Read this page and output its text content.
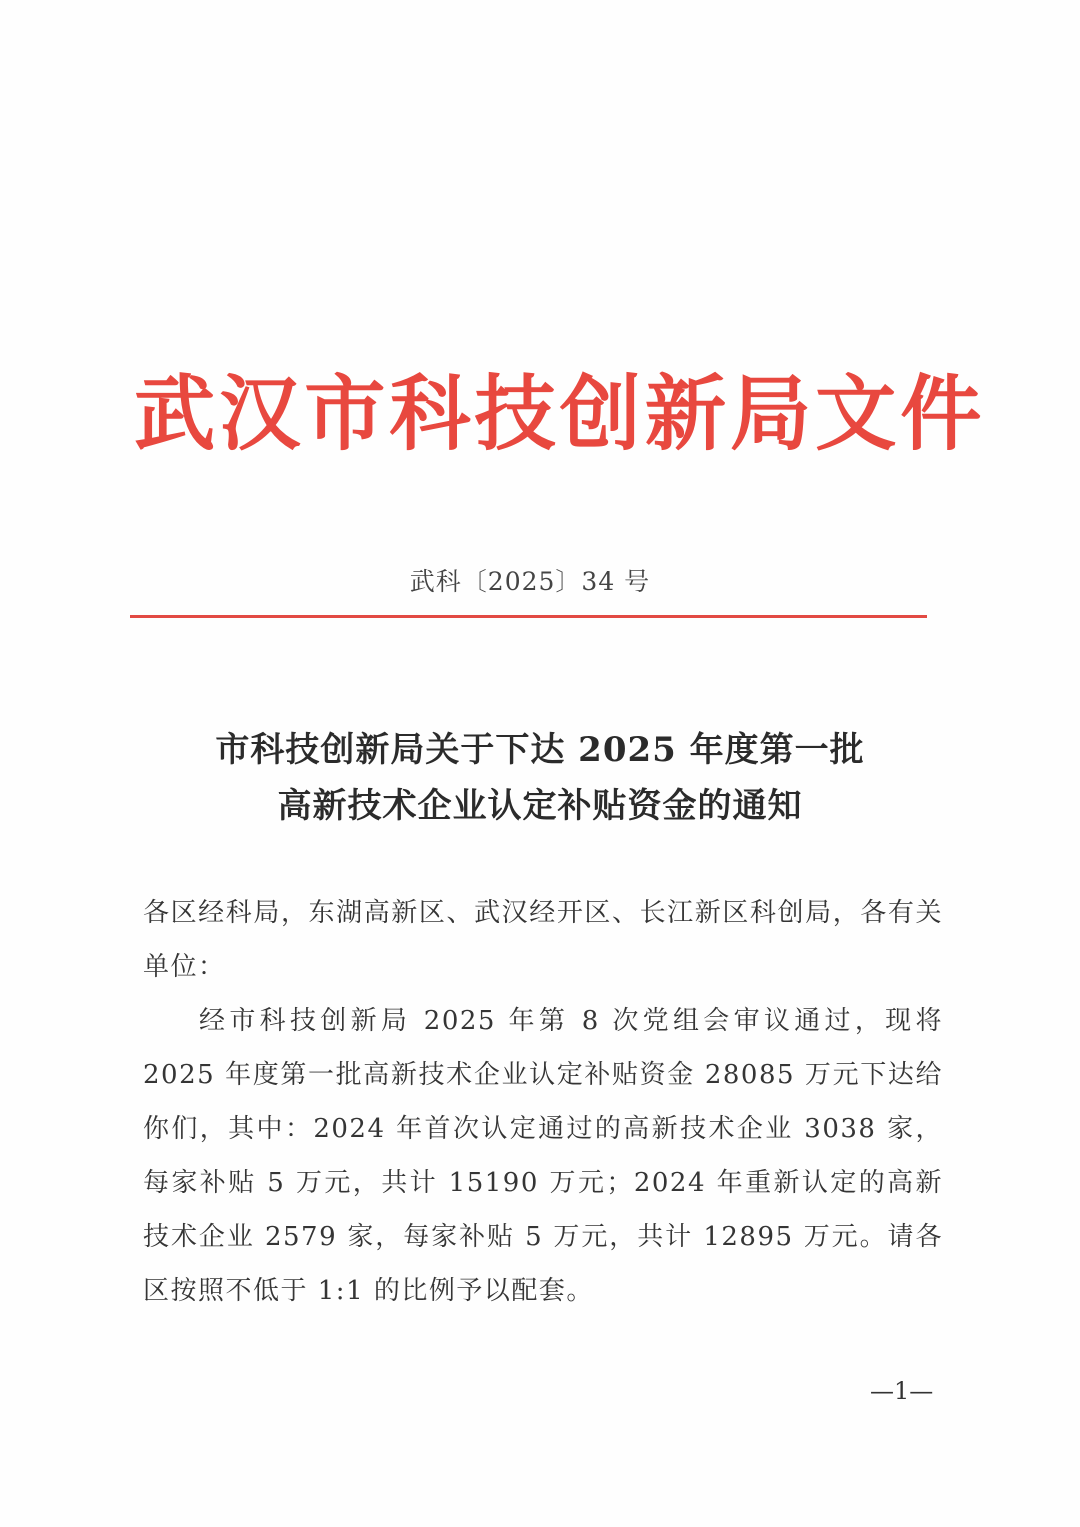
武汉市科技创新局文件
武科〔2025〕34 号
市科技创新局关于下达 2025 年度第一批
高新技术企业认定补贴资金的通知

各区经科局，东湖高新区、武汉经开区、长江新区科创局，各有关单位：

经市科技创新局 2025 年第 8 次党组会审议通过，现将 2025 年度第一批高新技术企业认定补贴资金 28085 万元下达给你们，其中：2024 年首次认定通过的高新技术企业 3038 家，每家补贴 5 万元，共计 15190 万元；2024 年重新认定的高新技术企业 2579 家，每家补贴 5 万元，共计 12895 万元。请各区按照不低于 1:1 的比例予以配套。

—1—
